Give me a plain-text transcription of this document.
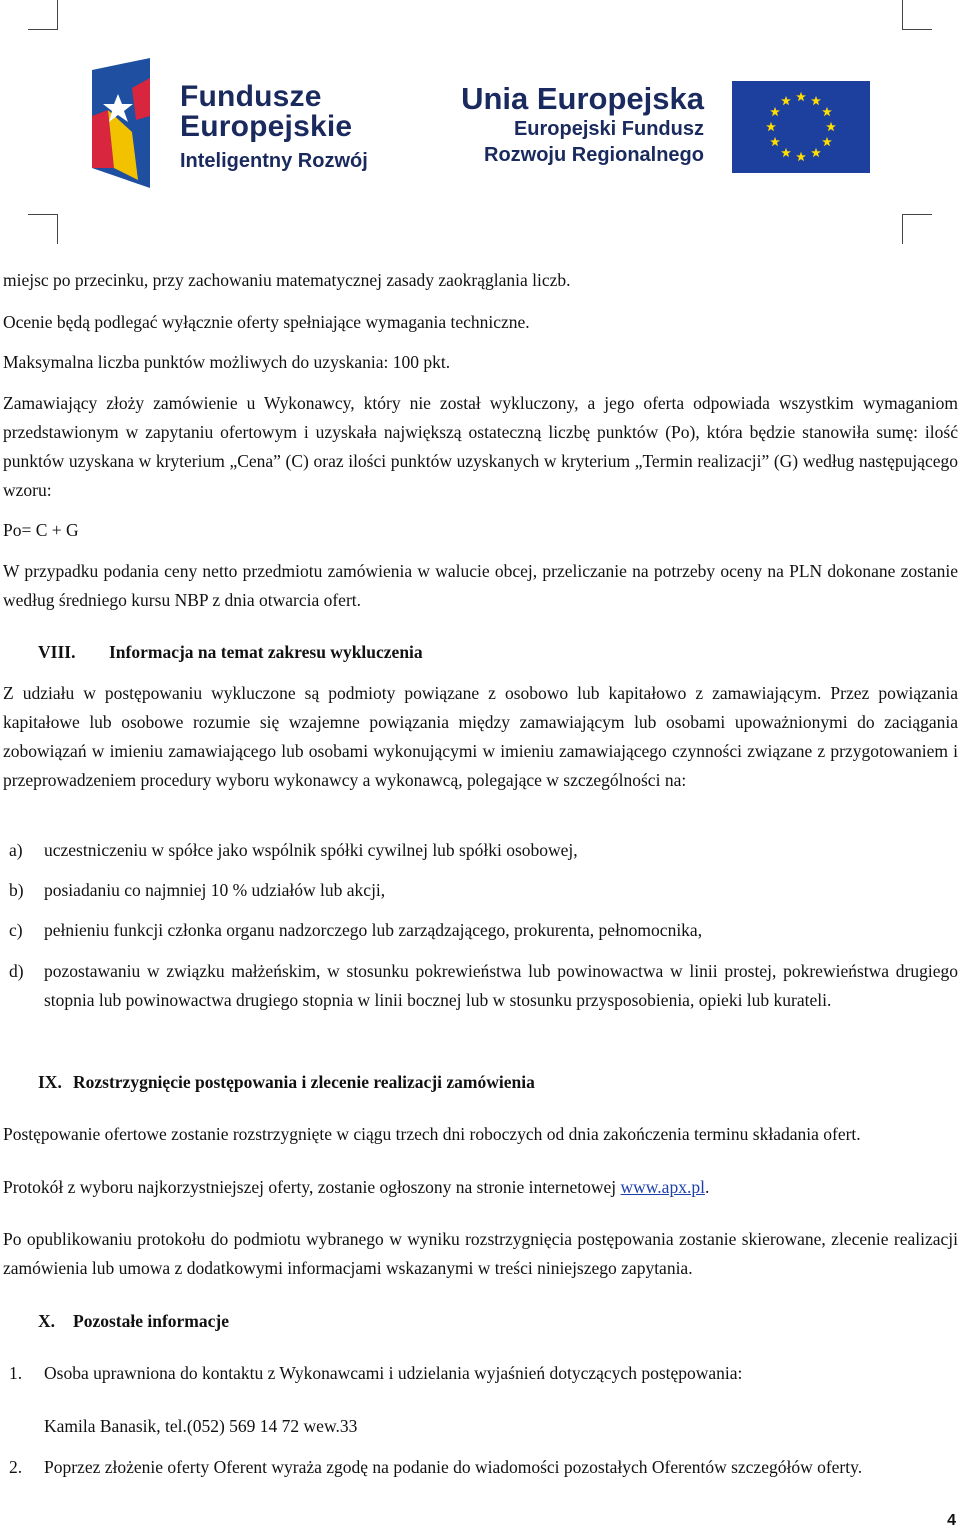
Fundusze
Europejskie
Inteligentny Rozwój
Unia Europejska
Europejski Fundusz
Rozwoju Regionalnego

miejsc po przecinku, przy zachowaniu matematycznej zasady zaokrąglania liczb.

Ocenie będą podlegać wyłącznie oferty spełniające wymagania techniczne.

Maksymalna liczba punktów możliwych do uzyskania: 100 pkt.

Zamawiający złoży zamówienie u Wykonawcy, który nie został wykluczony, a jego oferta odpowiada wszystkim wymaganiom przedstawionym w zapytaniu ofertowym i uzyskała największą ostateczną liczbę punktów (Po), która będzie stanowiła sumę: ilość punktów uzyskana w kryterium „Cena” (C) oraz ilości punktów uzyskanych w kryterium „Termin realizacji” (G) według następującego wzoru:

Po= C + G

W przypadku podania ceny netto przedmiotu zamówienia w walucie obcej, przeliczanie na potrzeby oceny na PLN dokonane zostanie według średniego kursu NBP z dnia otwarcia ofert.

VIII. Informacja na temat zakresu wykluczenia

Z udziału w postępowaniu wykluczone są podmioty powiązane z osobowo lub kapitałowo z zamawiającym. Przez powiązania kapitałowe lub osobowe rozumie się wzajemne powiązania między zamawiającym lub osobami upoważnionymi do zaciągania zobowiązań w imieniu zamawiającego lub osobami wykonującymi w imieniu zamawiającego czynności związane z przygotowaniem i przeprowadzeniem procedury wyboru wykonawcy a wykonawcą, polegające w szczególności na:

a) uczestniczeniu w spółce jako wspólnik spółki cywilnej lub spółki osobowej,
b) posiadaniu co najmniej 10 % udziałów lub akcji,
c) pełnieniu funkcji członka organu nadzorczego lub zarządzającego, prokurenta, pełnomocnika,
d) pozostawaniu w związku małżeńskim, w stosunku pokrewieństwa lub powinowactwa w linii prostej, pokrewieństwa drugiego stopnia lub powinowactwa drugiego stopnia w linii bocznej lub w stosunku przysposobienia, opieki lub kurateli.
IX. Rozstrzygnięcie postępowania i zlecenie realizacji zamówienia

Postępowanie ofertowe zostanie rozstrzygnięte w ciągu trzech dni roboczych od dnia zakończenia terminu składania ofert.

Protokół z wyboru najkorzystniejszej oferty, zostanie ogłoszony na stronie internetowej www.apx.pl.

Po opublikowaniu protokołu do podmiotu wybranego w wyniku rozstrzygnięcia postępowania zostanie skierowane, zlecenie realizacji zamówienia lub umowa z dodatkowymi informacjami wskazanymi w treści niniejszego zapytania.

X. Pozostałe informacje
1. Osoba uprawniona do kontaktu z Wykonawcami i udzielania wyjaśnień dotyczących postępowania:

Kamila Banasik, tel.(052) 569 14 72 wew.33

2. Poprzez złożenie oferty Oferent wyraża zgodę na podanie do wiadomości pozostałych Oferentów szczegółów oferty.
4
